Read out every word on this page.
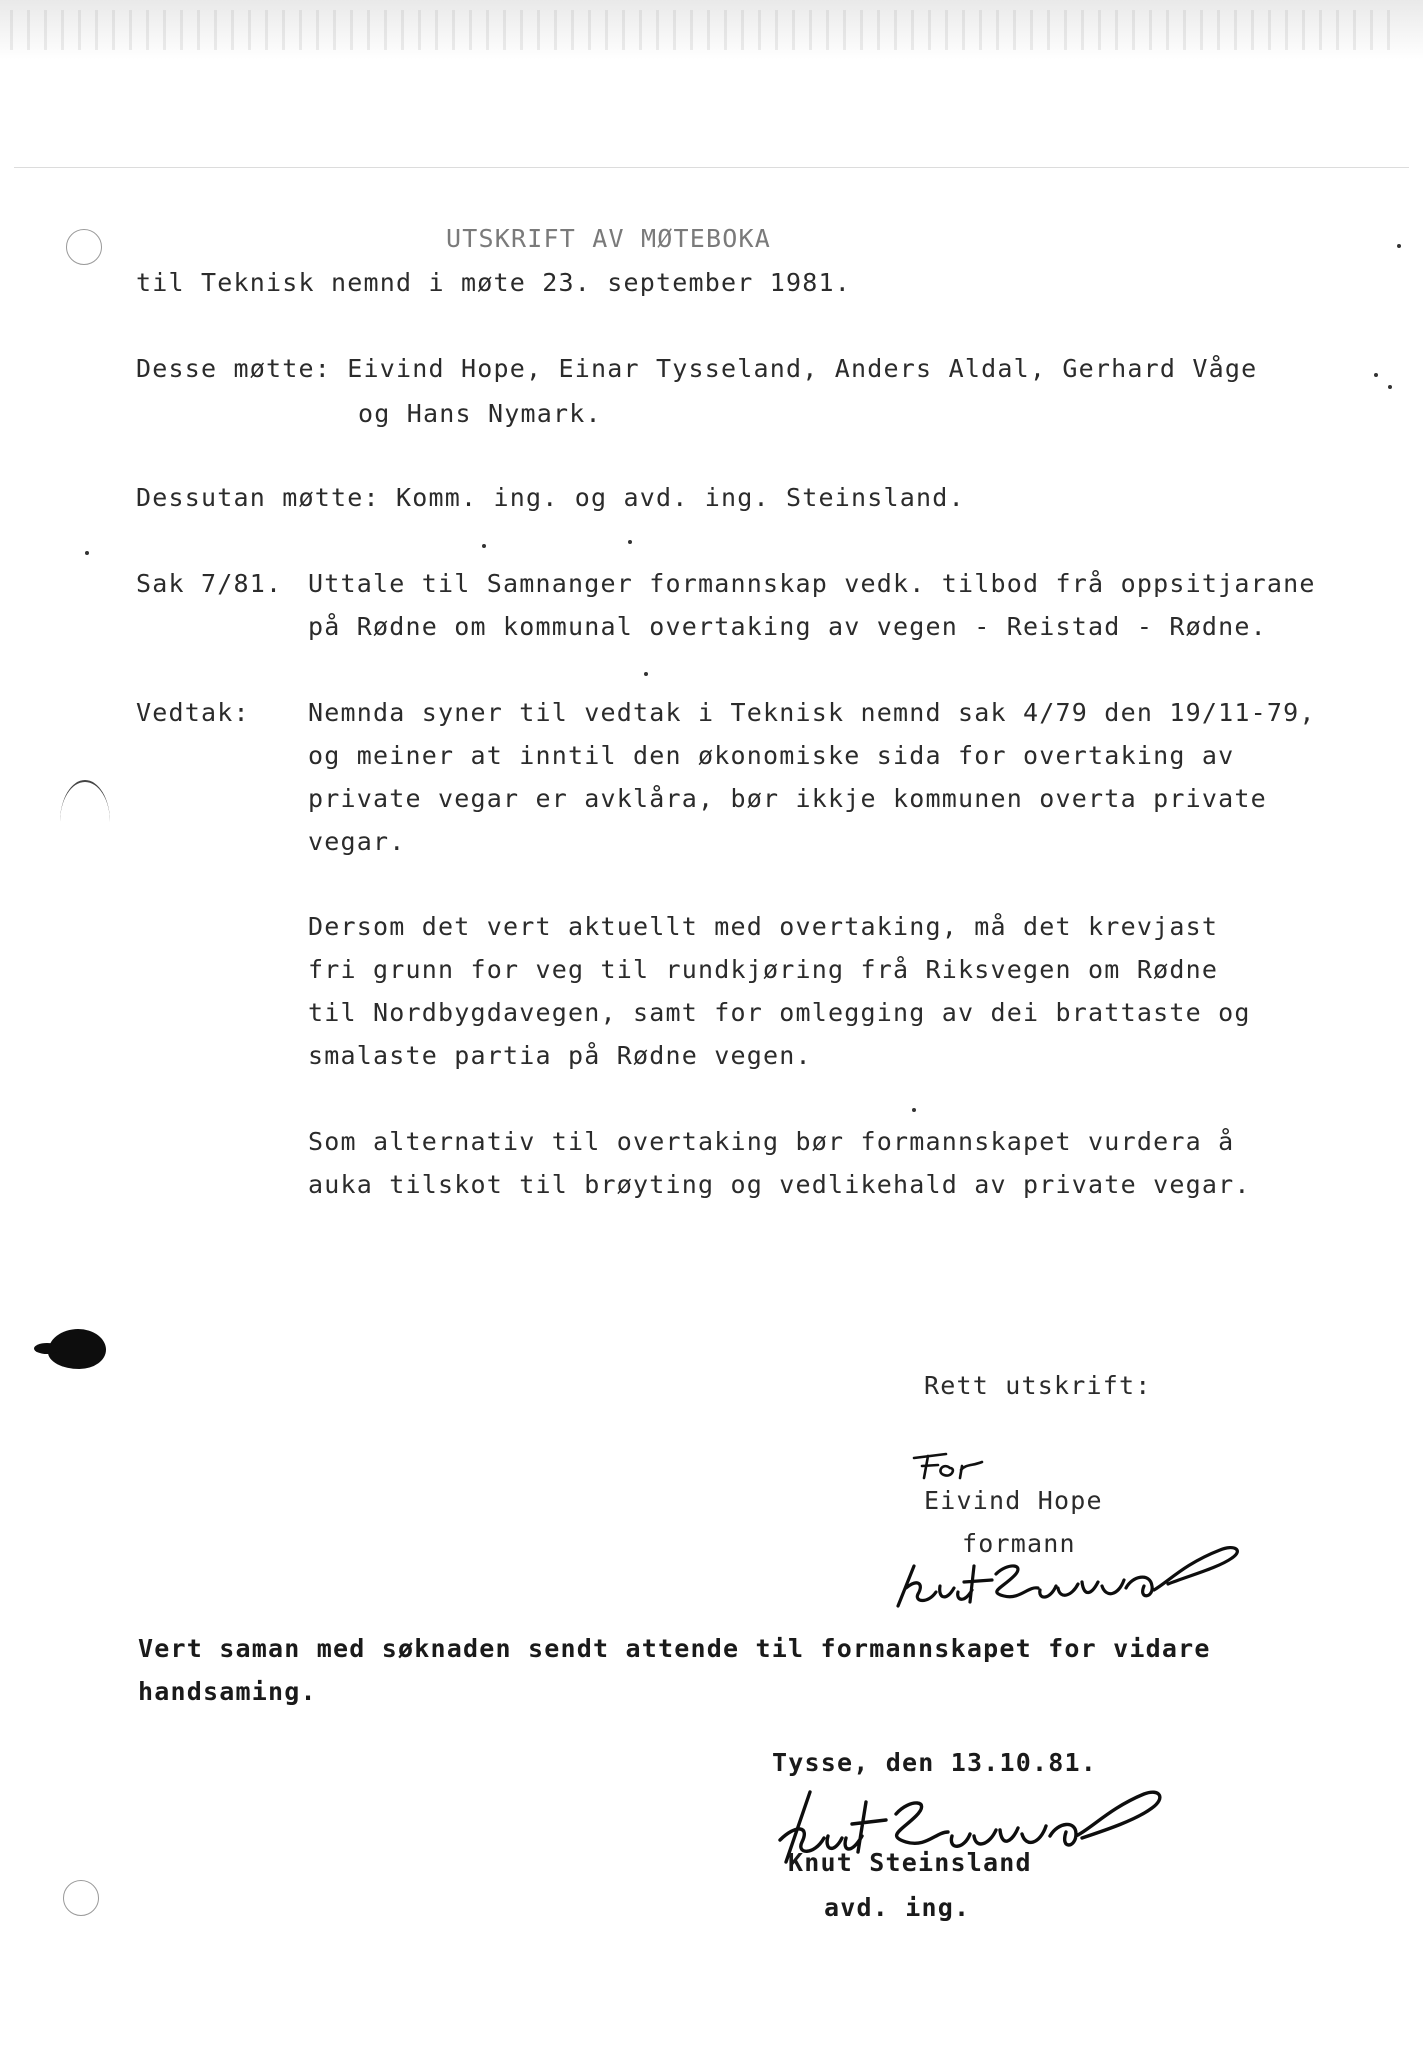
UTSKRIFT AV MØTEBOKA
til Teknisk nemnd i møte 23. september 1981.
Desse møtte: Eivind Hope, Einar Tysseland, Anders Aldal, Gerhard Våge
og Hans Nymark.
Dessutan møtte: Komm. ing. og avd. ing. Steinsland.
Sak 7/81. Uttale til Samnanger formannskap vedk. tilbod frå oppsitjarane
på Rødne om kommunal overtaking av vegen - Reistad - Rødne.
Vedtak: Nemnda syner til vedtak i Teknisk nemnd sak 4/79 den 19/11-79,
og meiner at inntil den økonomiske sida for overtaking av
private vegar er avklåra, bør ikkje kommunen overta private
vegar.
Dersom det vert aktuellt med overtaking, må det krevjast
fri grunn for veg til rundkjøring frå Riksvegen om Rødne
til Nordbygdavegen, samt for omlegging av dei brattaste og
smalaste partia på Rødne vegen.
Som alternativ til overtaking bør formannskapet vurdera å
auka tilskot til brøyting og vedlikehald av private vegar.
Rett utskrift:
Eivind Hope
formann
Vert saman med søknaden sendt attende til formannskapet for vidare
handsaming.
Tysse, den 13.10.81.
Knut Steinsland
avd. ing.
